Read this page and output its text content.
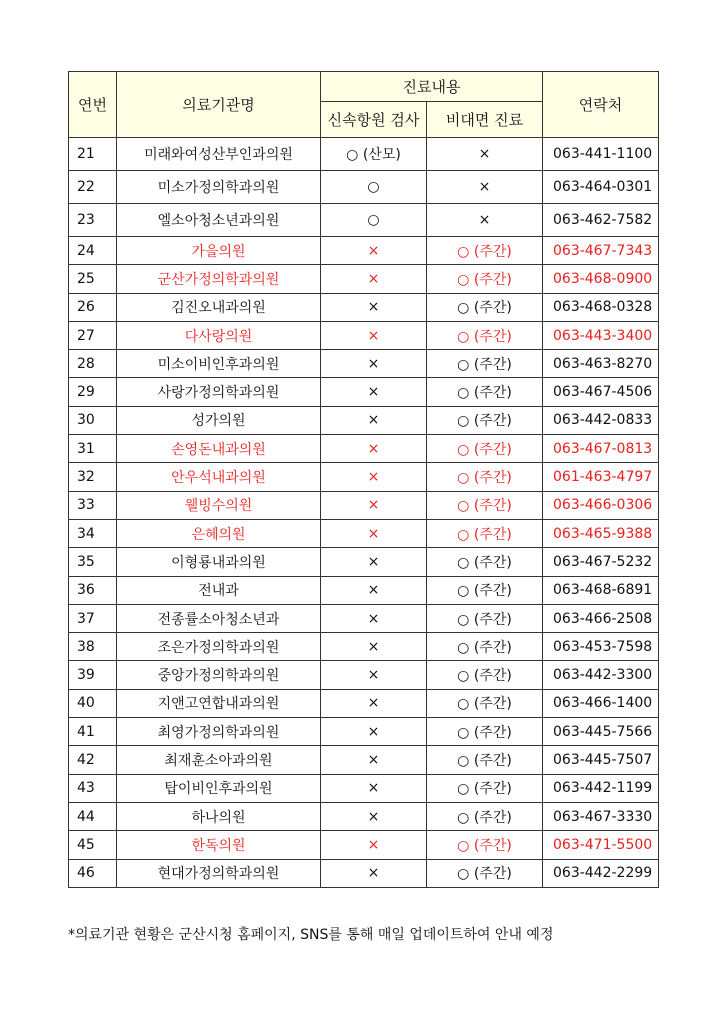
연번	의료기관명	진료내용		연락처
		신속항원 검사	비대면 진료	
21	미래와여성산부인과의원	○ (산모)	×	063-441-1100
22	미소가정의학과의원	○	×	063-464-0301
23	엘소아청소년과의원	○	×	063-462-7582
24	가을의원	×	○ (주간)	063-467-7343
25	군산가정의학과의원	×	○ (주간)	063-468-0900
26	김진오내과의원	×	○ (주간)	063-468-0328
27	다사랑의원	×	○ (주간)	063-443-3400
28	미소이비인후과의원	×	○ (주간)	063-463-8270
29	사랑가정의학과의원	×	○ (주간)	063-467-4506
30	성가의원	×	○ (주간)	063-442-0833
31	손영돈내과의원	×	○ (주간)	063-467-0813
32	안우석내과의원	×	○ (주간)	061-463-4797
33	웰빙수의원	×	○ (주간)	063-466-0306
34	은혜의원	×	○ (주간)	063-465-9388
35	이형룡내과의원	×	○ (주간)	063-467-5232
36	전내과	×	○ (주간)	063-468-6891
37	전종률소아청소년과	×	○ (주간)	063-466-2508
38	조은가정의학과의원	×	○ (주간)	063-453-7598
39	중앙가정의학과의원	×	○ (주간)	063-442-3300
40	지앤고연합내과의원	×	○ (주간)	063-466-1400
41	최영가정의학과의원	×	○ (주간)	063-445-7566
42	최재훈소아과의원	×	○ (주간)	063-445-7507
43	탑이비인후과의원	×	○ (주간)	063-442-1199
44	하나의원	×	○ (주간)	063-467-3330
45	한독의원	×	○ (주간)	063-471-5500
46	현대가정의학과의원	×	○ (주간)	063-442-2299
*의료기관 현황은 군산시청 홈페이지, SNS를 통해 매일 업데이트하여 안내 예정
